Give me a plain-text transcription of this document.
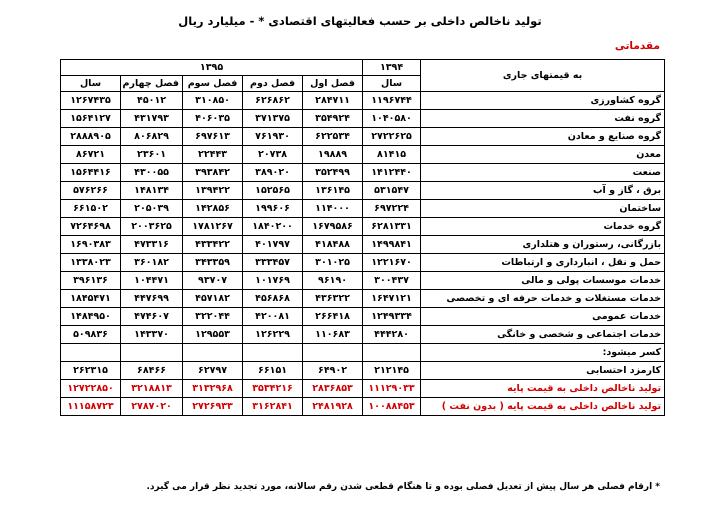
تولید ناخالص داخلی بر حسب فعالیتهای اقتصادی * - میلیارد ریال
مقدماتی
به قیمتهای جاری	۱۳۹۴	۱۳۹۵				
	سال	فصل اول	فصل دوم	فصل سوم	فصل چهارم	سال
گروه کشاورزی	۱۱۹۶۷۴۴	۲۸۴۷۱۱	۶۲۶۸۶۲	۳۱۰۸۵۰	۴۵۰۱۲	۱۲۶۷۴۳۵
گروه نفت	۱۰۴۰۵۸۰	۳۵۴۹۲۴	۳۷۱۳۷۵	۴۰۶۰۳۵	۴۳۱۷۹۳	۱۵۶۴۱۲۷
گروه صنایع و معادن	۲۷۲۲۶۲۵	۶۲۲۵۳۴	۷۶۱۹۳۰	۶۹۷۶۱۳	۸۰۶۸۲۹	۲۸۸۸۹۰۵
معدن	۸۱۴۱۵	۱۹۸۸۹	۲۰۷۳۸	۲۲۴۴۳	۲۳۶۰۱	۸۶۷۲۱
صنعت	۱۴۱۲۴۴۰	۳۵۲۴۹۹	۳۸۹۰۲۰	۳۹۳۸۴۲	۴۳۰۰۵۵	۱۵۶۴۴۱۶
برق ، گاز و آب	۵۳۱۵۴۷	۱۳۶۱۴۵	۱۵۲۵۶۵	۱۳۹۴۲۲	۱۴۸۱۳۴	۵۷۶۲۶۶
ساختمان	۶۹۷۲۲۴	۱۱۴۰۰۰	۱۹۹۶۰۶	۱۴۲۸۵۶	۲۰۵۰۳۹	۶۶۱۵۰۲
گروه خدمات	۶۲۸۱۳۳۱	۱۶۷۹۵۸۶	۱۸۴۰۲۰۰	۱۷۸۱۲۶۷	۲۰۰۳۶۲۵	۷۲۶۴۶۹۸
بازرگانی، رستوران و هتلداری	۱۴۹۹۸۴۱	۴۱۸۴۸۸	۴۰۱۷۹۷	۴۳۳۴۲۲	۴۷۳۳۱۶	۱۶۹۰۳۸۳
حمل و نقل ، انبارداری و ارتباطات	۱۲۲۱۶۷۰	۳۰۱۰۲۵	۳۳۳۴۵۷	۳۴۳۳۵۹	۳۶۰۱۸۲	۱۳۳۸۰۲۳
خدمات موسسات پولی و مالی	۳۰۰۴۳۷	۹۶۱۹۰	۱۰۱۷۶۹	۹۳۷۰۷	۱۰۴۴۷۱	۳۹۶۱۳۶
خدمات مستغلات و خدمات حرفه ای و تخصصی	۱۶۴۷۱۲۱	۴۳۶۳۲۲	۴۵۶۸۶۸	۴۵۷۱۸۲	۴۴۷۶۹۹	۱۸۴۵۴۷۱
خدمات عمومی	۱۲۴۹۳۳۴	۲۶۶۴۱۸	۴۲۰۰۸۱	۳۲۲۰۴۴	۴۷۴۶۰۷	۱۴۸۴۹۵۰
خدمات اجتماعی و شخصی و خانگی	۴۴۴۲۸۰	۱۱۰۶۸۳	۱۲۶۲۲۹	۱۲۹۵۵۳	۱۴۳۳۷۰	۵۰۹۸۳۶
کسر میشود:						
کارمزد احتسابی	۲۱۲۱۴۵	۶۴۹۰۲	۶۶۱۵۱	۶۲۷۹۷	۶۸۴۶۶	۲۶۲۳۱۵
تولید ناخالص داخلی به قیمت پایه	۱۱۱۲۹۰۳۳	۲۸۳۶۸۵۳	۳۵۳۴۲۱۶	۳۱۳۲۹۶۸	۳۲۱۸۸۱۳	۱۲۷۲۲۸۵۰
تولید ناخالص داخلی به قیمت پایه ( بدون نفت )	۱۰۰۸۸۴۵۳	۲۴۸۱۹۲۸	۳۱۶۲۸۴۱	۲۷۲۶۹۳۳	۲۷۸۷۰۲۰	۱۱۱۵۸۷۲۳
* ارقام فصلی هر سال پیش از تعدیل فصلی بوده و تا هنگام قطعی شدن رقم سالانه، مورد تجدید نظر قرار می گیرد.
